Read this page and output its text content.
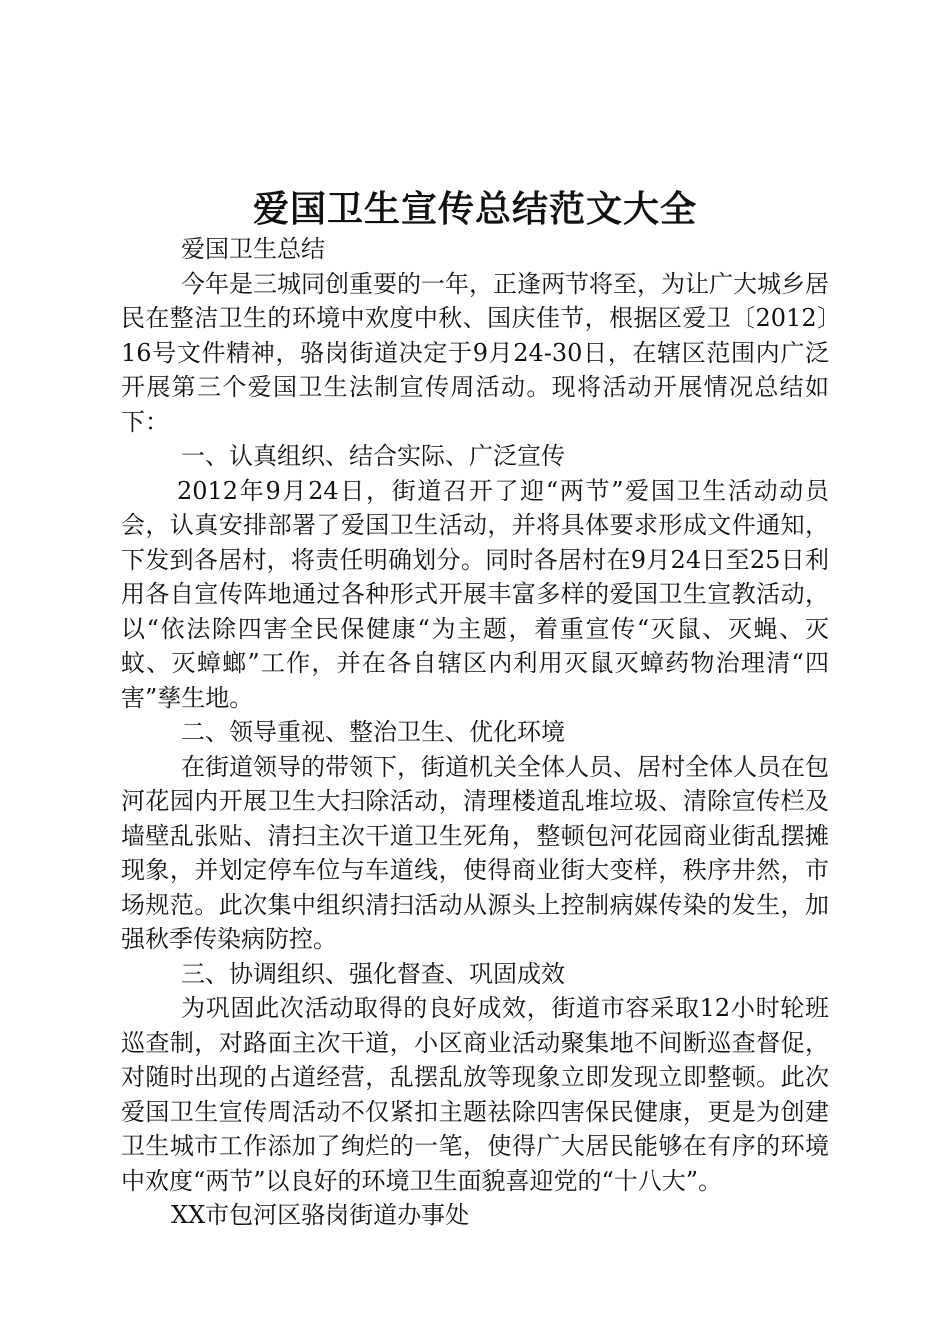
爱国卫生宣传总结范文大全

爱国卫生总结

今年是三城同创重要的一年，正逢两节将至，为让广大城乡居民在整洁卫生的环境中欢度中秋、国庆佳节，根据区爱卫〔2012〕16号文件精神，骆岗街道决定于9月24-30日，在辖区范围内广泛开展第三个爱国卫生法制宣传周活动。现将活动开展情况总结如下：

一、认真组织、结合实际、广泛宣传

2012年9月24日，街道召开了迎“两节”爱国卫生活动动员会，认真安排部署了爱国卫生活动，并将具体要求形成文件通知，下发到各居村，将责任明确划分。同时各居村在9月24日至25日利用各自宣传阵地通过各种形式开展丰富多样的爱国卫生宣教活动，以“依法除四害全民保健康“为主题，着重宣传“灭鼠、灭蝇、灭蚊、灭蟑螂”工作，并在各自辖区内利用灭鼠灭蟑药物治理清“四害”孳生地。

二、领导重视、整治卫生、优化环境

在街道领导的带领下，街道机关全体人员、居村全体人员在包河花园内开展卫生大扫除活动，清理楼道乱堆垃圾、清除宣传栏及墙壁乱张贴、清扫主次干道卫生死角，整顿包河花园商业街乱摆摊现象，并划定停车位与车道线，使得商业街大变样，秩序井然，市场规范。此次集中组织清扫活动从源头上控制病媒传染的发生，加强秋季传染病防控。

三、协调组织、强化督查、巩固成效

为巩固此次活动取得的良好成效，街道市容采取12小时轮班巡查制，对路面主次干道，小区商业活动聚集地不间断巡查督促，对随时出现的占道经营，乱摆乱放等现象立即发现立即整顿。此次爱国卫生宣传周活动不仅紧扣主题祛除四害保民健康，更是为创建卫生城市工作添加了绚烂的一笔，使得广大居民能够在有序的环境中欢度“两节”以良好的环境卫生面貌喜迎党的“十八大”。

XX市包河区骆岗街道办事处
